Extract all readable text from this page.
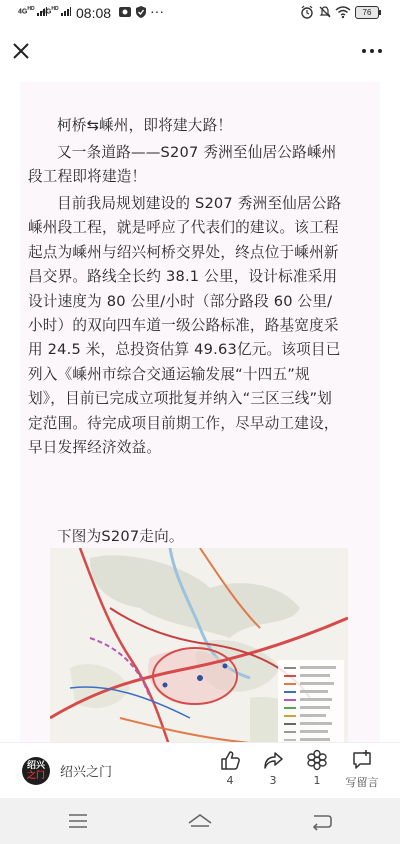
$4G^{HD}$	$4G^{HD}$	08:08	···	76

柯桥⇆嵊州，即将建大路！

又一条道路——S207 秀洲至仙居公路嵊州段工程即将建造！

目前我局规划建设的 S207 秀洲至仙居公路嵊州段工程，就是呼应了代表们的建议。该工程起点为嵊州与绍兴柯桥交界处，终点位于嵊州新昌交界。路线全长约 38.1 公里，设计标准采用设计速度为 80 公里/小时（部分路段 60 公里/小时）的双向四车道一级公路标准，路基宽度采用 24.5 米，总投资估算 49.63亿元。该项目已列入《嵊州市综合交通运输发展“十四五”规划》，目前已完成立项批复并纳入“三区三线”划定范围。待完成项目前期工作，尽早动工建设，早日发挥经济效益。

下图为S207走向。

绍兴
之门	绍兴之门
4	3	1	写留言
